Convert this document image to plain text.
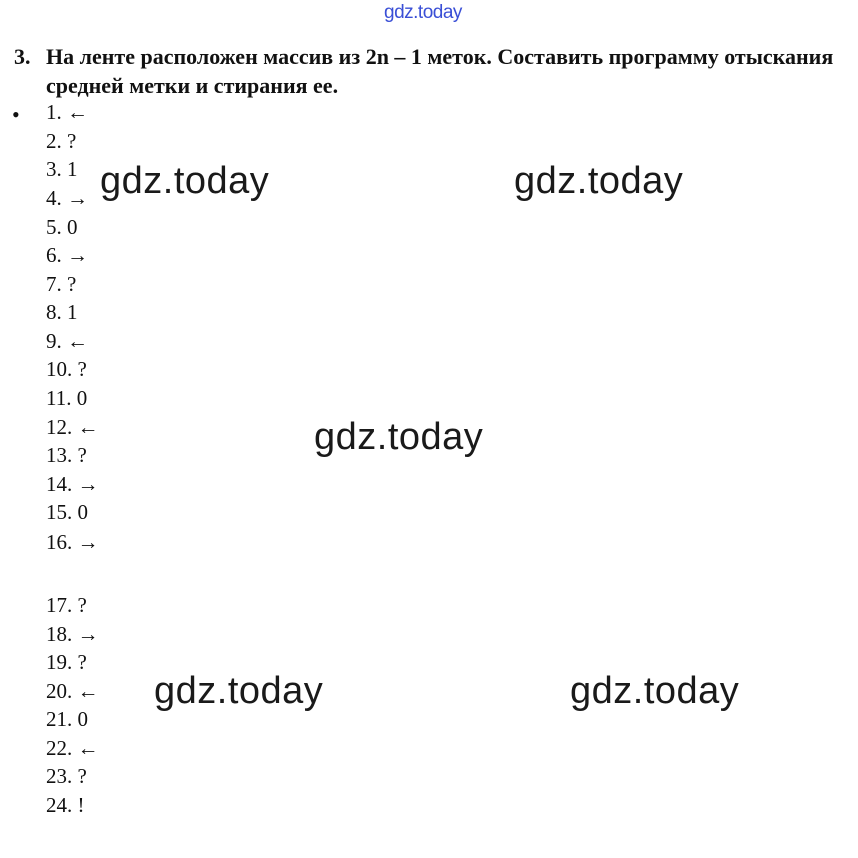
gdz.today
3. На ленте расположен массив из 2n – 1 меток. Составить программу отыскания средней метки и стирания ее.
• 1. ←
2. ?
3. 1
4. →
5. 0
6. →
7. ?
8. 1
9. ←
10. ?
11. 0
12. ←
13. ?
14. →
15. 0
16. →
17. ?
18. →
19. ?
20. ←
21. 0
22. ←
23. ?
24. !
gdz.today	gdz.today
gdz.today
gdz.today	gdz.today
